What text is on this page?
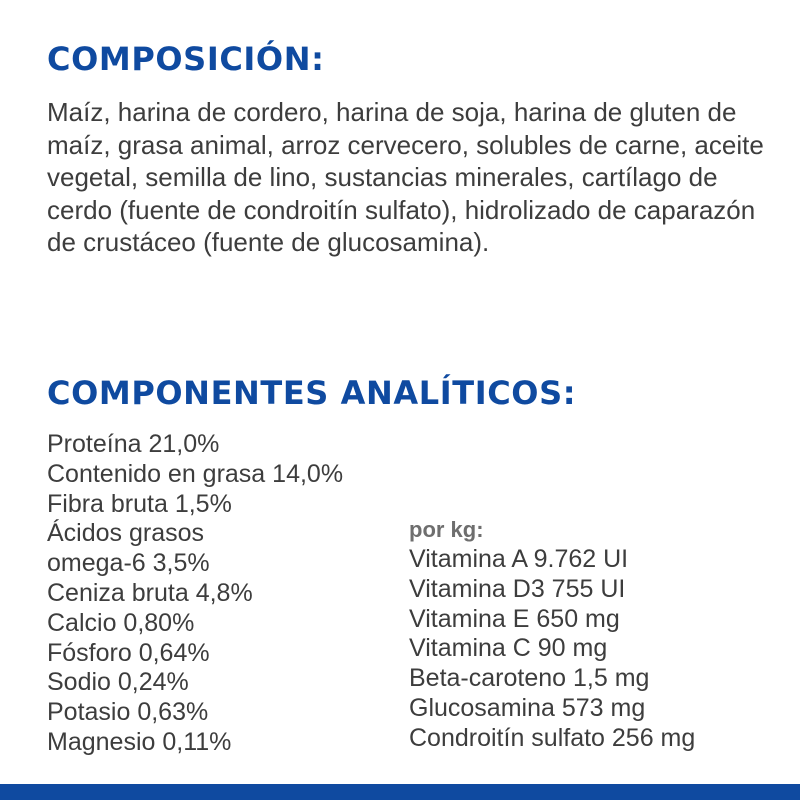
COMPOSICIÓN:

Maíz, harina de cordero, harina de soja, harina de gluten de maíz, grasa animal, arroz cervecero, solubles de carne, aceite vegetal, semilla de lino, sustancias minerales, cartílago de cerdo (fuente de condroitín sulfato), hidrolizado de caparazón de crustáceo (fuente de glucosamina).

COMPONENTES ANALÍTICOS:
Proteína 21,0%
Contenido en grasa 14,0%
Fibra bruta 1,5%
Ácidos grasos
omega-6 3,5%
Ceniza bruta 4,8%
Calcio 0,80%
Fósforo 0,64%
Sodio 0,24%
Potasio 0,63%
Magnesio 0,11%
por kg:
Vitamina A 9.762 UI
Vitamina D3 755 UI
Vitamina E 650 mg
Vitamina C 90 mg
Beta-caroteno 1,5 mg
Glucosamina 573 mg
Condroitín sulfato 256 mg
